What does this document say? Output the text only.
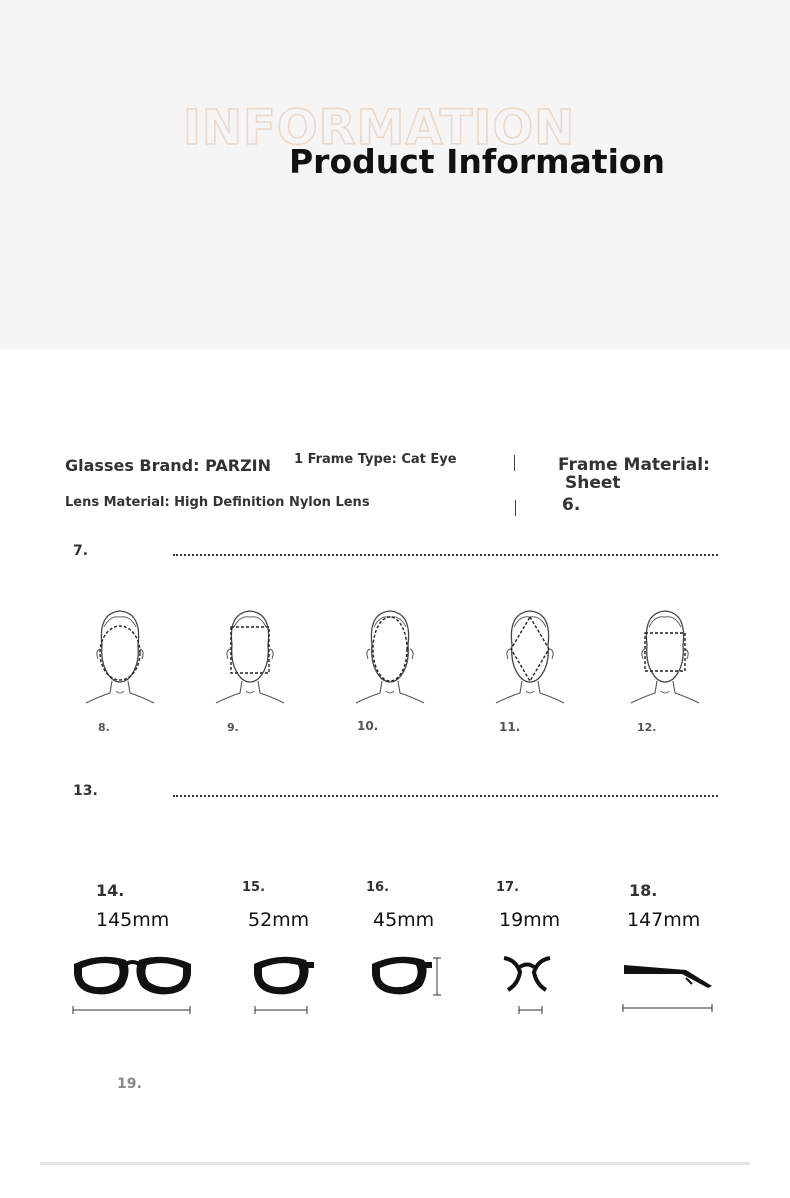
INFORMATION
Product Information
Glasses Brand: PARZIN 1 Frame Type: Cat Eye	Frame Material:
Sheet
Lens Material: High Definition Nylon Lens	6.
7.
8.	9.	10.	11.	12.
13.
14.	15.	16.	17.	18.
145mm	52mm	45mm	19mm	147mm
19.
